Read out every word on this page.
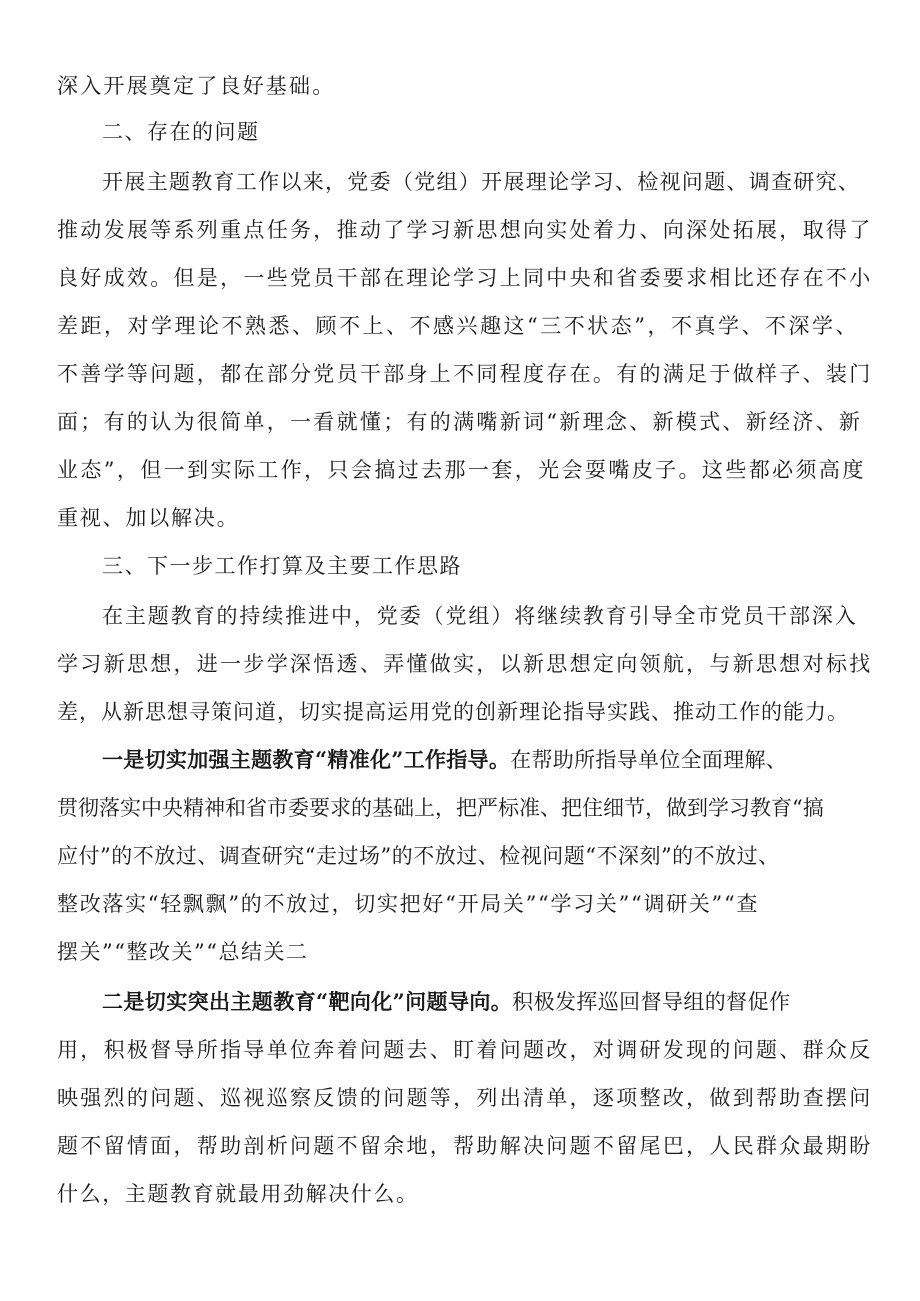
深入开展奠定了良好基础。

二、存在的问题

开展主题教育工作以来，党委（党组）开展理论学习、检视问题、调查研究、

推动发展等系列重点任务，推动了学习新思想向实处着力、向深处拓展，取得了

良好成效。但是，一些党员干部在理论学习上同中央和省委要求相比还存在不小

差距，对学理论不熟悉、顾不上、不感兴趣这“三不状态”，不真学、不深学、

不善学等问题，都在部分党员干部身上不同程度存在。有的满足于做样子、装门

面；有的认为很简单，一看就懂；有的满嘴新词“新理念、新模式、新经济、新

业态”，但一到实际工作，只会搞过去那一套，光会耍嘴皮子。这些都必须高度

重视、加以解决。

三、下一步工作打算及主要工作思路

在主题教育的持续推进中，党委（党组）将继续教育引导全市党员干部深入

学习新思想，进一步学深悟透、弄懂做实，以新思想定向领航，与新思想对标找

差，从新思想寻策问道，切实提高运用党的创新理论指导实践、推动工作的能力。

一是切实加强主题教育“精准化”工作指导。在帮助所指导单位全面理解、

贯彻落实中央精神和省市委要求的基础上，把严标准、把住细节，做到学习教育“搞

应付”的不放过、调查研究“走过场”的不放过、检视问题“不深刻”的不放过、

整改落实“轻飘飘”的不放过，切实把好“开局关”“学习关”“调研关”“查

摆关”“整改关”“总结关二

二是切实突出主题教育“靶向化”问题导向。积极发挥巡回督导组的督促作

用，积极督导所指导单位奔着问题去、盯着问题改，对调研发现的问题、群众反

映强烈的问题、巡视巡察反馈的问题等，列出清单，逐项整改，做到帮助查摆问

题不留情面，帮助剖析问题不留余地，帮助解决问题不留尾巴，人民群众最期盼

什么，主题教育就最用劲解决什么。
